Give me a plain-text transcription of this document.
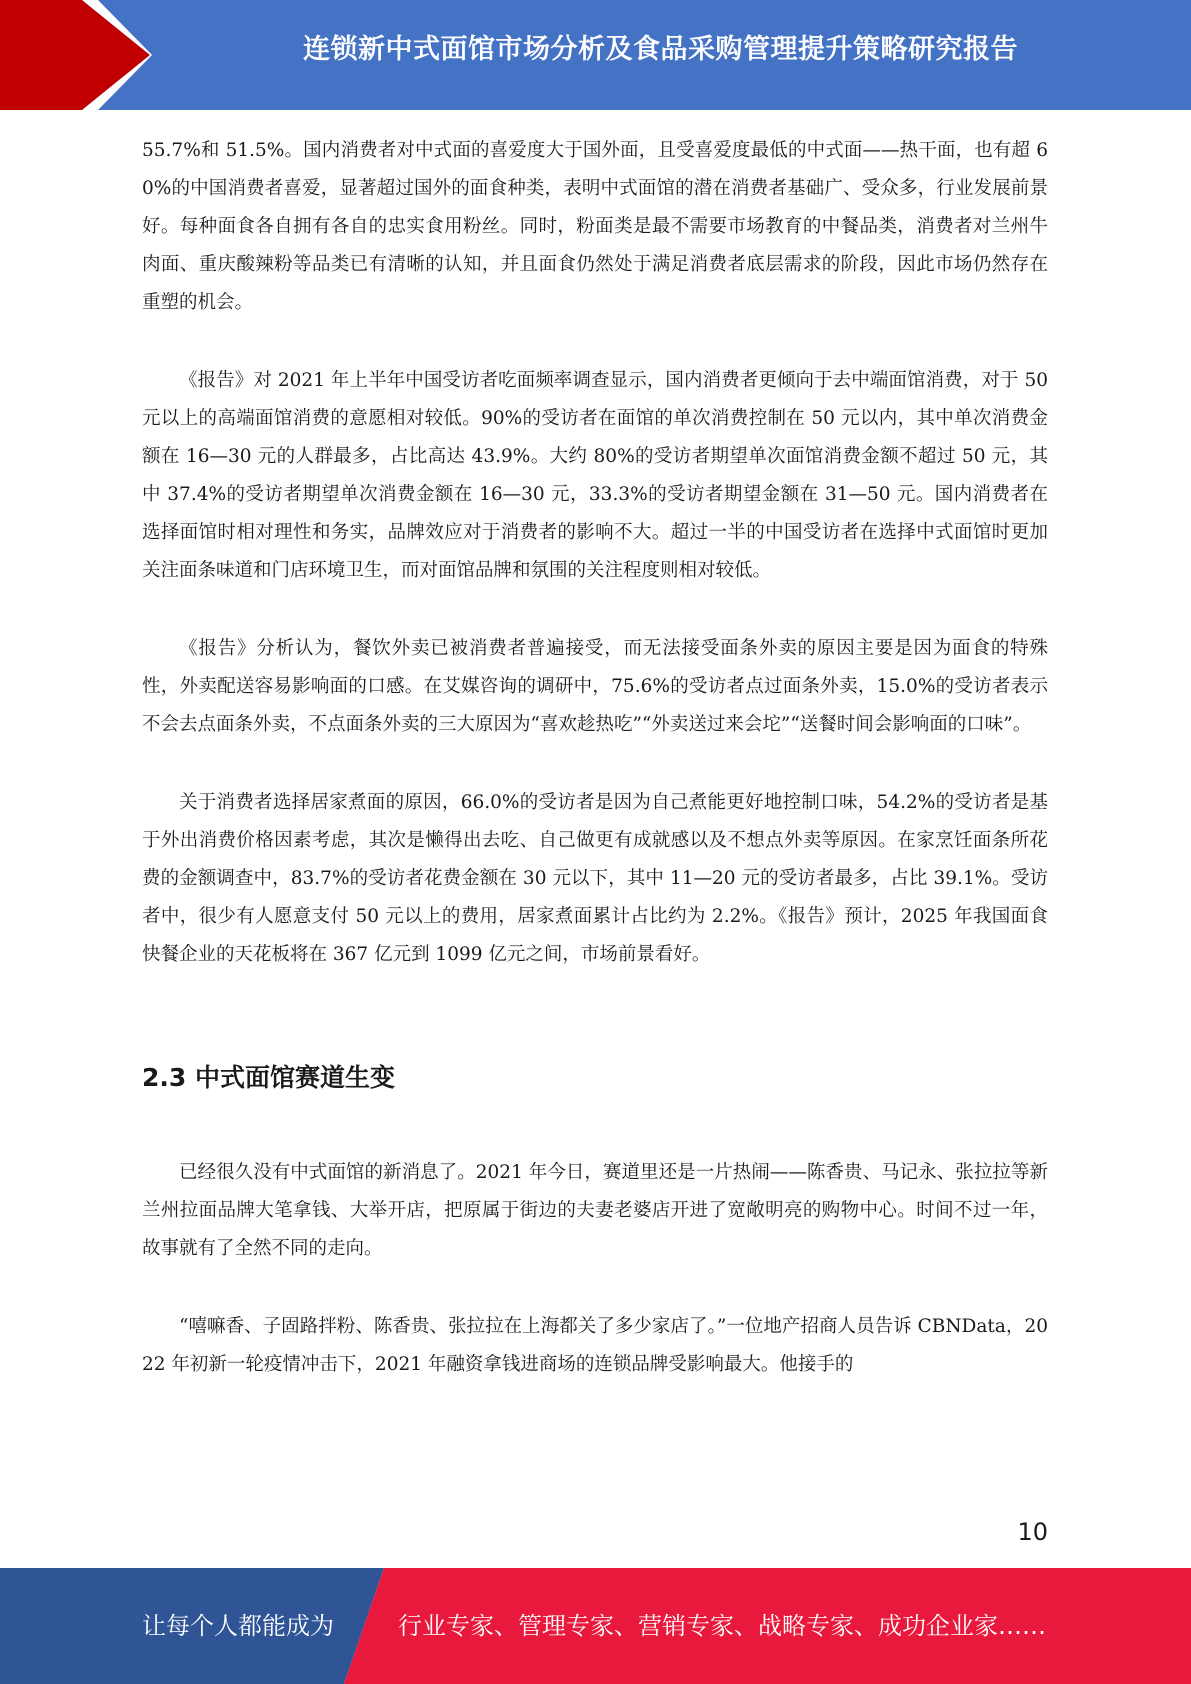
连锁新中式面馆市场分析及食品采购管理提升策略研究报告

55.7%和 51.5%。国内消费者对中式面的喜爱度大于国外面，且受喜爱度最低的中式面——热干面，也有超 60%的中国消费者喜爱，显著超过国外的面食种类，表明中式面馆的潜在消费者基础广、受众多，行业发展前景好。每种面食各自拥有各自的忠实食用粉丝。同时，粉面类是最不需要市场教育的中餐品类，消费者对兰州牛肉面、重庆酸辣粉等品类已有清晰的认知，并且面食仍然处于满足消费者底层需求的阶段，因此市场仍然存在重塑的机会。

《报告》对 2021 年上半年中国受访者吃面频率调查显示，国内消费者更倾向于去中端面馆消费，对于 50 元以上的高端面馆消费的意愿相对较低。90%的受访者在面馆的单次消费控制在 50 元以内，其中单次消费金额在 16—30 元的人群最多，占比高达 43.9%。大约 80%的受访者期望单次面馆消费金额不超过 50 元，其中 37.4%的受访者期望单次消费金额在 16—30 元，33.3%的受访者期望金额在 31—50 元。国内消费者在选择面馆时相对理性和务实，品牌效应对于消费者的影响不大。超过一半的中国受访者在选择中式面馆时更加关注面条味道和门店环境卫生，而对面馆品牌和氛围的关注程度则相对较低。

《报告》分析认为，餐饮外卖已被消费者普遍接受，而无法接受面条外卖的原因主要是因为面食的特殊性，外卖配送容易影响面的口感。在艾媒咨询的调研中，75.6%的受访者点过面条外卖，15.0%的受访者表示不会去点面条外卖，不点面条外卖的三大原因为“喜欢趁热吃”“外卖送过来会坨”“送餐时间会影响面的口味”。

关于消费者选择居家煮面的原因，66.0%的受访者是因为自己煮能更好地控制口味，54.2%的受访者是基于外出消费价格因素考虑，其次是懒得出去吃、自己做更有成就感以及不想点外卖等原因。在家烹饪面条所花费的金额调查中，83.7%的受访者花费金额在 30 元以下，其中 11—20 元的受访者最多，占比 39.1%。受访者中，很少有人愿意支付 50 元以上的费用，居家煮面累计占比约为 2.2%。《报告》预计，2025 年我国面食快餐企业的天花板将在 367 亿元到 1099 亿元之间，市场前景看好。

2.3 中式面馆赛道生变

已经很久没有中式面馆的新消息了。2021 年今日，赛道里还是一片热闹——陈香贵、马记永、张拉拉等新兰州拉面品牌大笔拿钱、大举开店，把原属于街边的夫妻老婆店开进了宽敞明亮的购物中心。时间不过一年，故事就有了全然不同的走向。

“嘻嘛香、子固路拌粉、陈香贵、张拉拉在上海都关了多少家店了。”一位地产招商人员告诉 CBNData，2022 年初新一轮疫情冲击下，2021 年融资拿钱进商场的连锁品牌受影响最大。他接手的

10
让每个人都能成为	行业专家、管理专家、营销专家、战略专家、成功企业家……
